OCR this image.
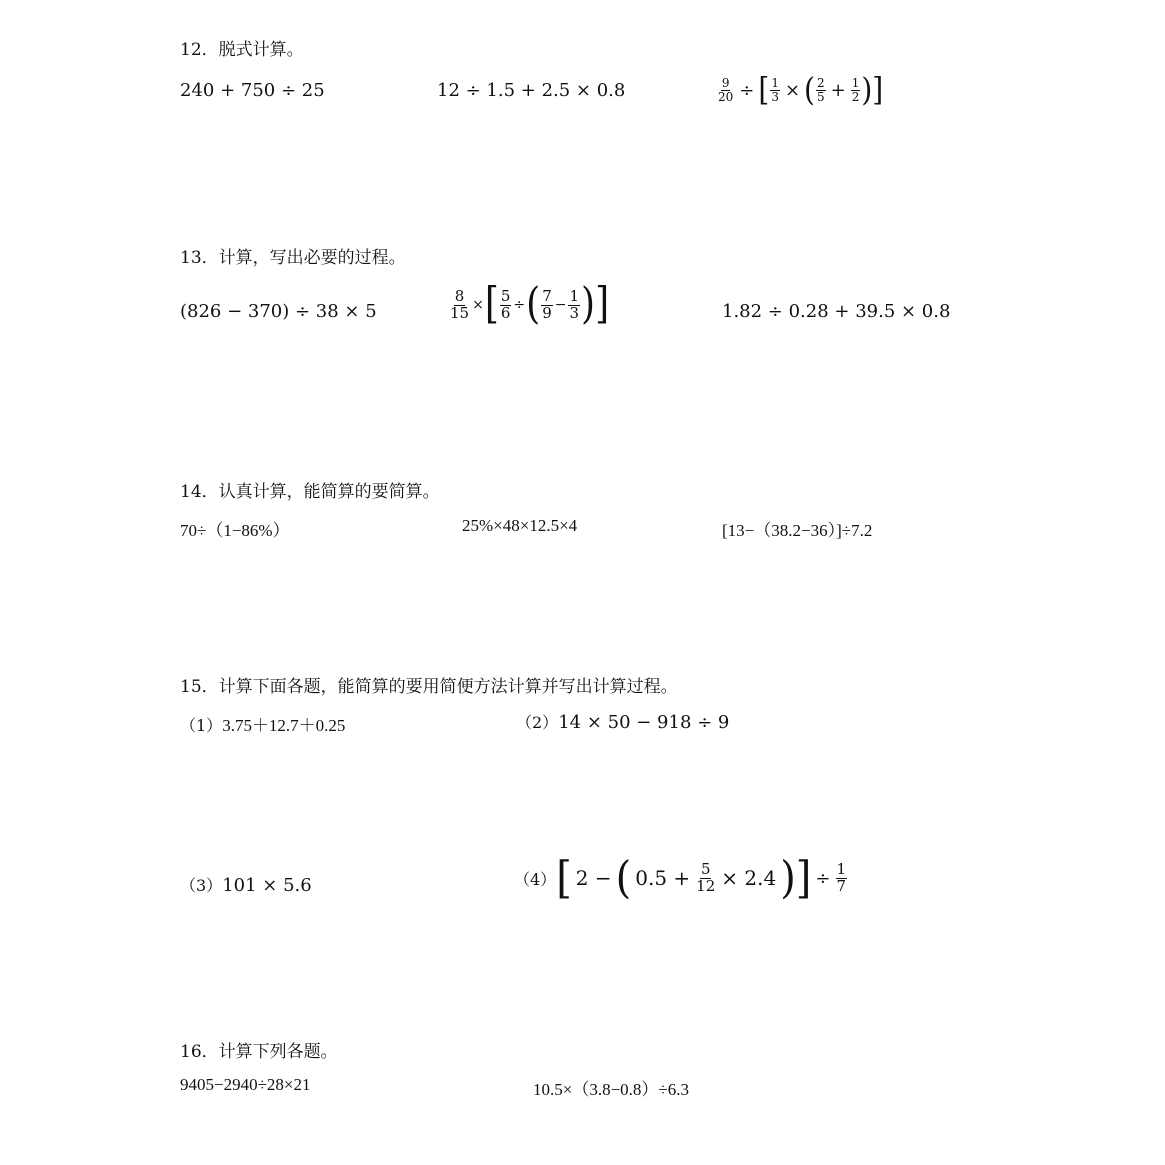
12．脱式计算。
240 + 750 ÷ 25	12 ÷ 1.5 + 2.5 × 0.8	$\frac{9}{20}$ ÷ [ $\frac{1}{3}$ × ( $\frac{2}{5} + \frac{1}{2}$ ) ]
13．计算，写出必要的过程。
(826 − 370) ÷ 38 × 5	$\frac{8}{15}$ × [ $\frac{5}{6}$ ÷ ( $\frac{7}{9} - \frac{1}{3}$ ) ]	1.82 ÷ 0.28 + 39.5 × 0.8
14．认真计算，能简算的要简算。
70÷（1−86%）	25%×48×12.5×4	[13−（38.2−36）]÷7.2
15．计算下面各题，能简算的要用简便方法计算并写出计算过程。
（1）3.75＋12.7＋0.25	（2）14 × 50 − 918 ÷ 9
（3）101 × 5.6	（4） [ 2 − ( $0.5 + \frac{5}{12} \times 2.4$ ) ] ÷ $\frac{1}{7}$
16．计算下列各题。
9405−2940÷28×21	10.5×（3.8−0.8）÷6.3
